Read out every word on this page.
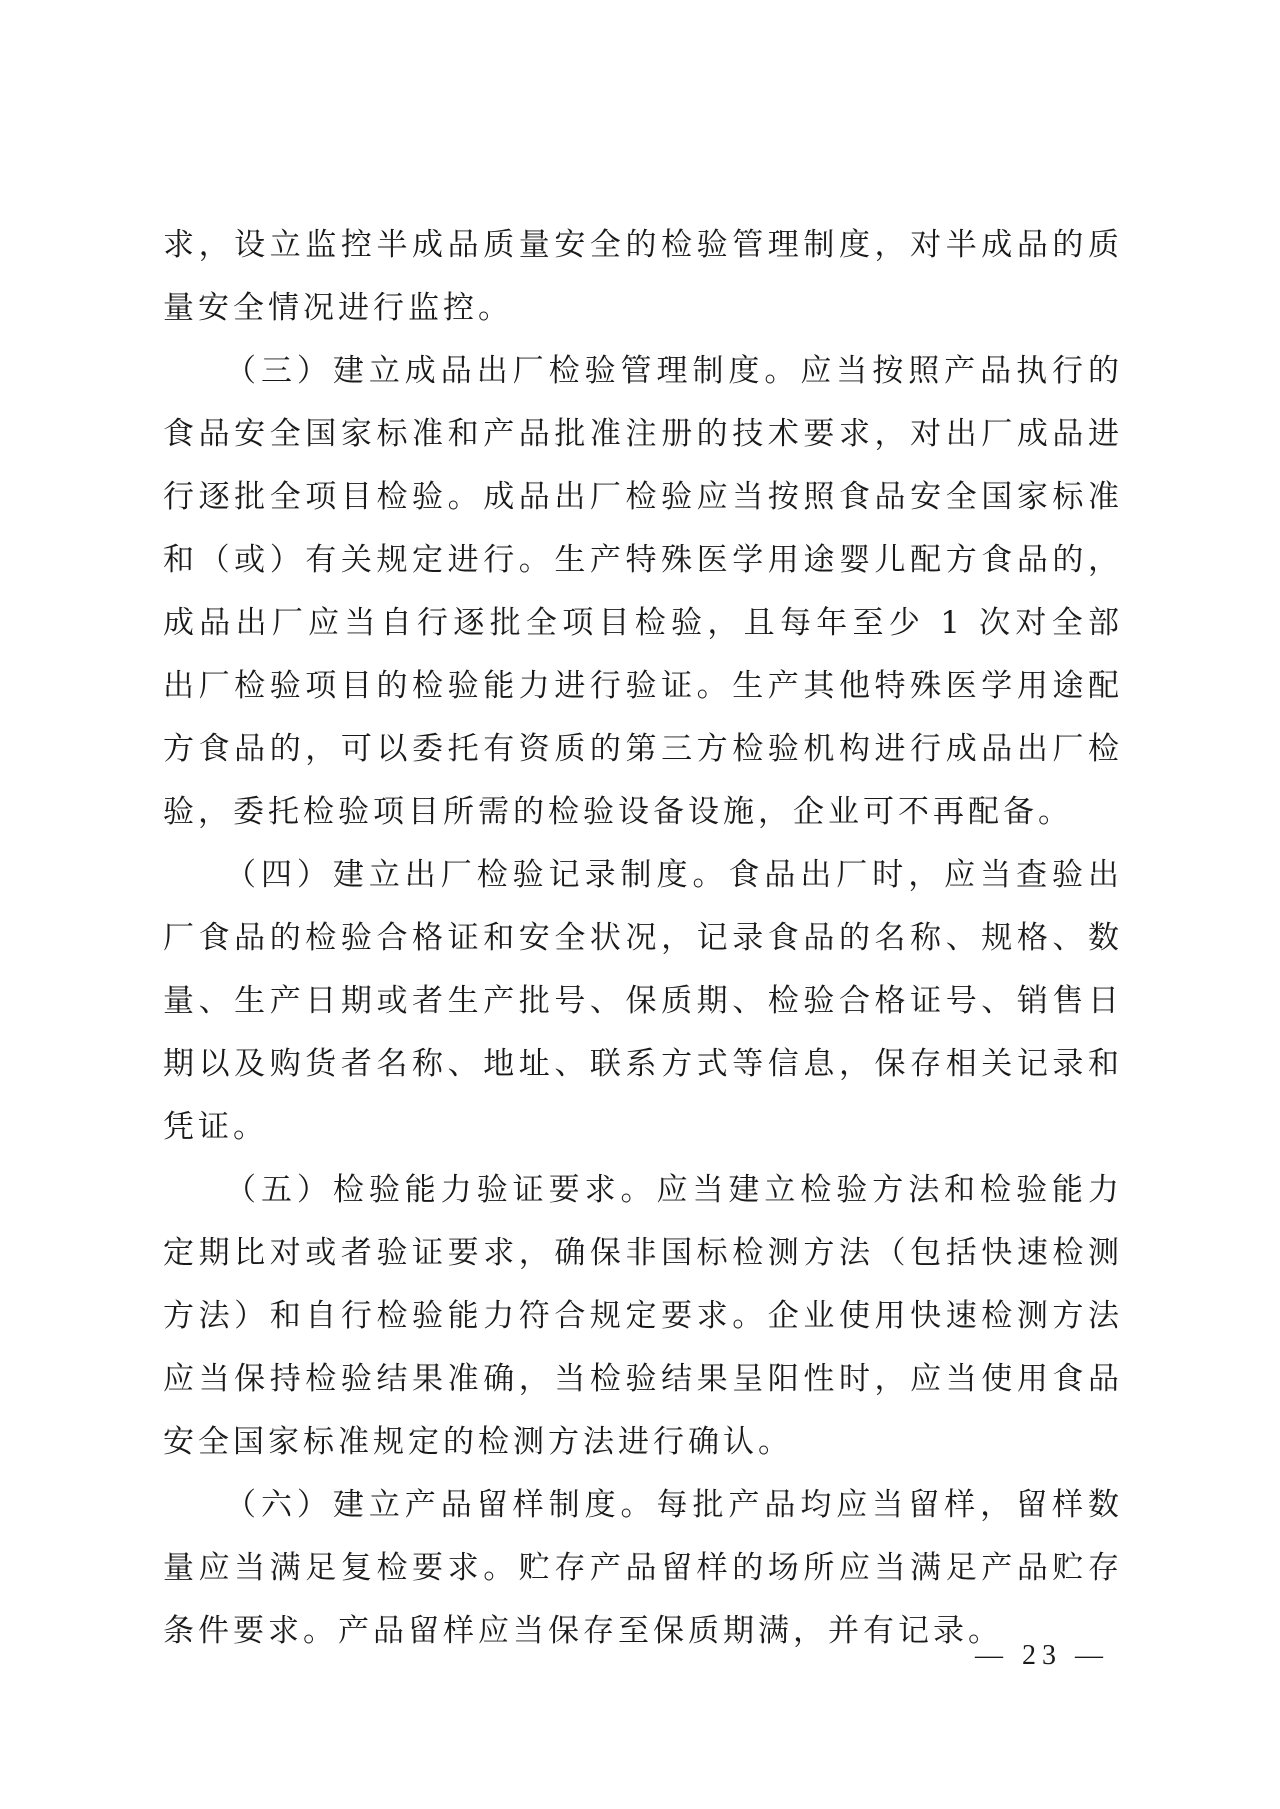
求，设立监控半成品质量安全的检验管理制度，对半成品的质量安全情况进行监控。

（三）建立成品出厂检验管理制度。应当按照产品执行的食品安全国家标准和产品批准注册的技术要求，对出厂成品进行逐批全项目检验。成品出厂检验应当按照食品安全国家标准和（或）有关规定进行。生产特殊医学用途婴儿配方食品的，成品出厂应当自行逐批全项目检验，且每年至少 1 次对全部出厂检验项目的检验能力进行验证。生产其他特殊医学用途配方食品的，可以委托有资质的第三方检验机构进行成品出厂检验，委托检验项目所需的检验设备设施，企业可不再配备。

（四）建立出厂检验记录制度。食品出厂时，应当查验出厂食品的检验合格证和安全状况，记录食品的名称、规格、数量、生产日期或者生产批号、保质期、检验合格证号、销售日期以及购货者名称、地址、联系方式等信息，保存相关记录和凭证。

（五）检验能力验证要求。应当建立检验方法和检验能力定期比对或者验证要求，确保非国标检测方法（包括快速检测方法）和自行检验能力符合规定要求。企业使用快速检测方法应当保持检验结果准确，当检验结果呈阳性时，应当使用食品安全国家标准规定的检测方法进行确认。

（六）建立产品留样制度。每批产品均应当留样，留样数量应当满足复检要求。贮存产品留样的场所应当满足产品贮存条件要求。产品留样应当保存至保质期满，并有记录。

— 23 —
